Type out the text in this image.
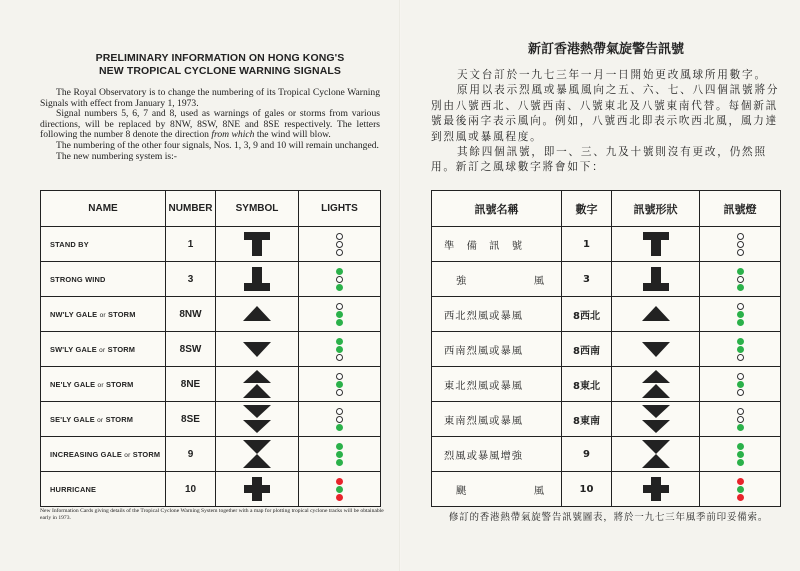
PRELIMINARY INFORMATION ON HONG KONG'S
NEW TROPICAL CYCLONE WARNING SIGNALS

The Royal Observatory is to change the numbering of its Tropical Cyclone Warning Signals with effect from January 1, 1973.

Signal numbers 5, 6, 7 and 8, used as warnings of gales or storms from various directions, will be replaced by 8NW, 8SW, 8NE and 8SE respectively. The letters following the number 8 denote the direction from which the wind will blow.

The numbering of the other four signals, Nos. 1, 3, 9 and 10 will remain unchanged.

The new numbering system is:-

NAME	NUMBER	SYMBOL	LIGHTS
STAND BY	1	

STRONG WIND	3	

NW'LY GALE or STORM	8NW	

SW'LY GALE or STORM	8SW	

NE'LY GALE or STORM	8NE	

SE'LY GALE or STORM	8SE	

INCREASING GALE or STORM	9	

HURRICANE	10	

New Information Cards giving details of the Tropical Cyclone Warning System together with a map for plotting tropical cyclone tracks will be obtainable early in 1973.
新訂香港熱帶氣旋警告訊號

天文台訂於一九七三年一月一日開始更改風球所用數字。

原用以表示烈風或暴風風向之五、六、七、八四個訊號將分別由八號西北、八號西南、八號東北及八號東南代替。每個新訊號最後兩字表示風向。例如，八號西北即表示吹西北風，風力達到烈風或暴風程度。

其餘四個訊號，即一、三、九及十號則沒有更改，仍然照用。新訂之風球數字將會如下：

訊號名稱	數字	訊號形狀	訊號燈
準　備　訊　號	1	

強 風	3	

西北烈風或暴風	8西北	

西南烈風或暴風	8西南	

東北烈風或暴風	8東北	

東南烈風或暴風	8東南	

烈風或暴風增強	9	

颶 風	10	

修訂的香港熱帶氣旋警告訊號圖表，將於一九七三年風季前印妥備索。
